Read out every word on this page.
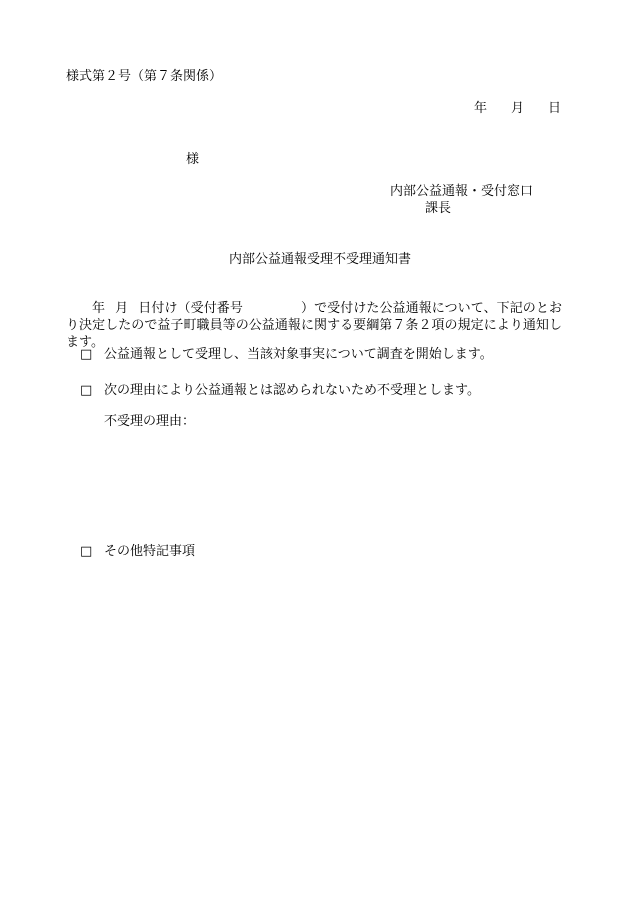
様式第２号（第７条関係）
年 月 日
様
内部公益通報・受付窓口
課長
内部公益通報受理不受理通知書
年 月 日付け（受付番号	）で受付けた公益通報について、下記のとおり決定したので益子町職員等の公益通報に関する要綱第７条２項の規定により通知します。
□ 公益通報として受理し、当該対象事実について調査を開始します。
□ 次の理由により公益通報とは認められないため不受理とします。
不受理の理由：
□ その他特記事項
